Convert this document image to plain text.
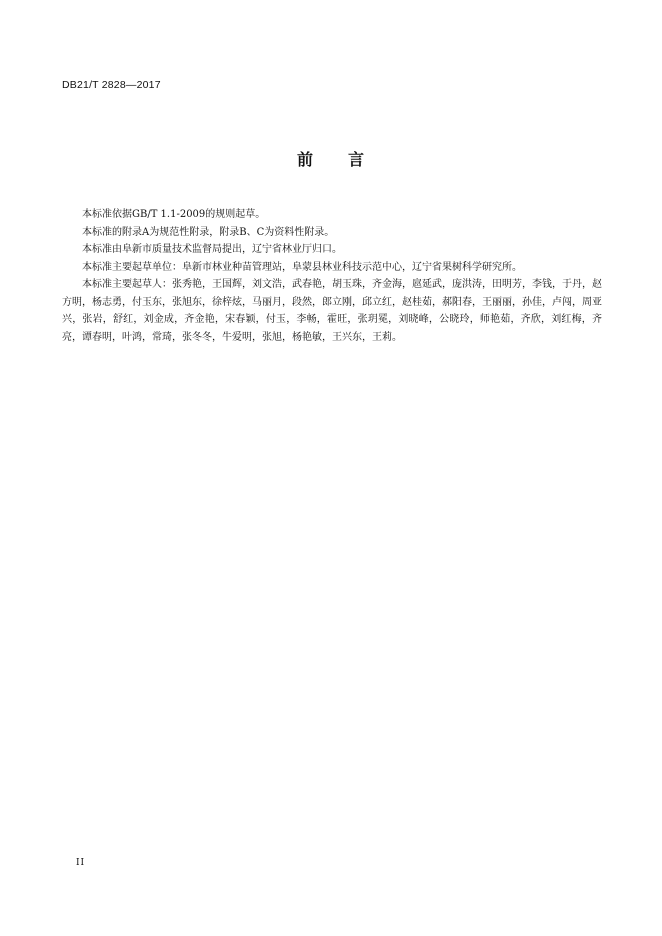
DB21/T 2828—2017
前 言

本标准依据GB/T 1.1-2009的规则起草。

本标准的附录A为规范性附录，附录B、C为资料性附录。

本标准由阜新市质量技术监督局提出，辽宁省林业厅归口。

本标准主要起草单位：阜新市林业种苗管理站，阜蒙县林业科技示范中心，辽宁省果树科学研究所。

本标准主要起草人：张秀艳，王国辉，刘文浩，武春艳，胡玉珠，齐金海，扈延武，庞洪涛，田明芳，李钱，于丹，赵方明，杨志勇，付玉东，张旭东，徐梓炫，马丽月，段然，郎立刚，邱立红，赵桂茹，郝阳春，王丽丽，孙佳，卢闯，周亚兴，张岩，舒红，刘金成，齐金艳，宋春颖，付玉，李畅，霍旺，张玥冕，刘晓峰，公晓玲，师艳茹，齐欣，刘红梅，齐亮，谭春明，叶鸿，常琦，张冬冬，牛爱明，张旭，杨艳敏，王兴东，王莉。

II
